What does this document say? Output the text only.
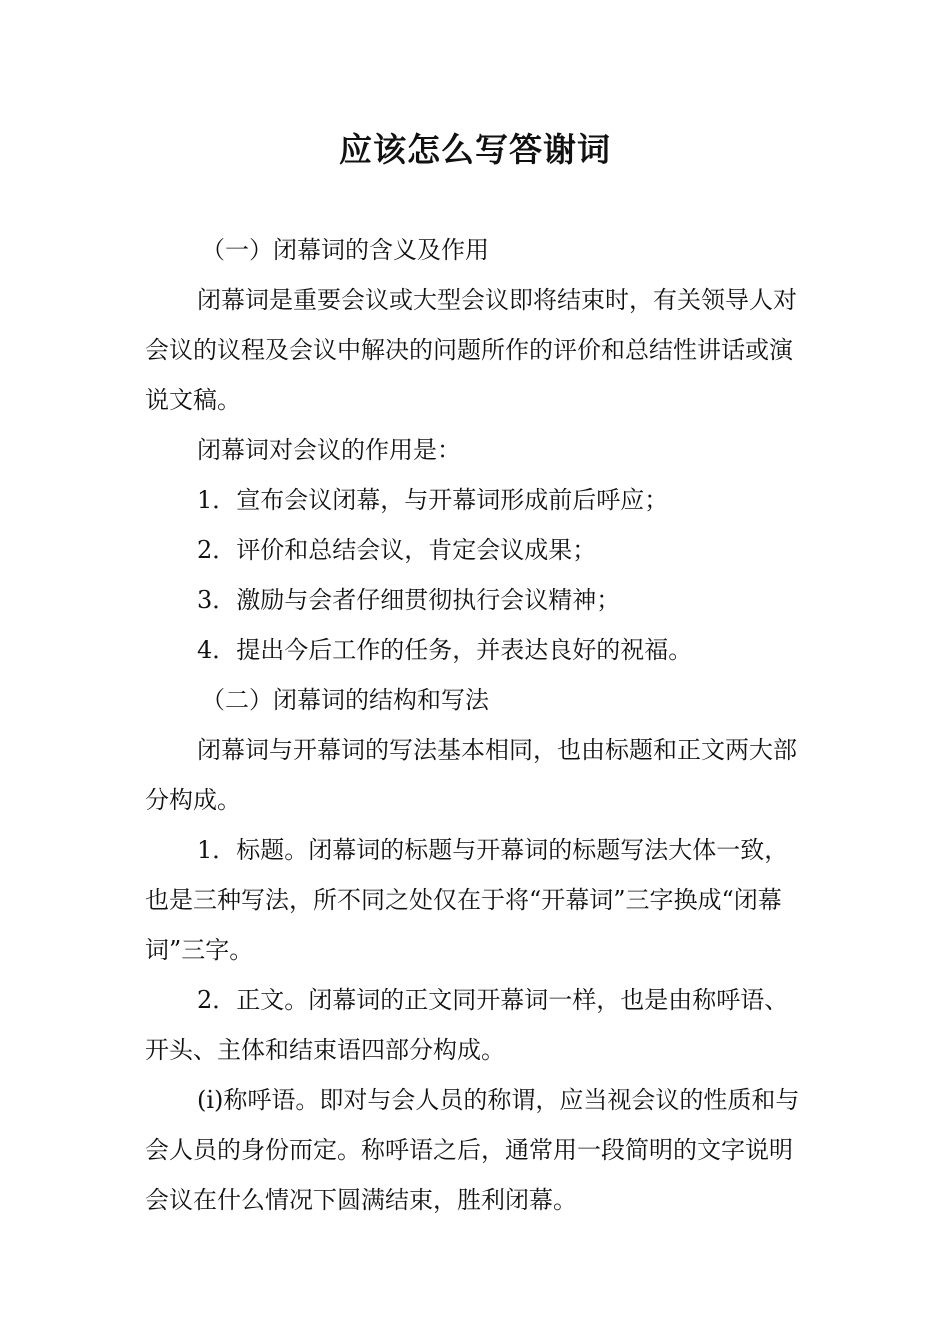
应该怎么写答谢词

（一）闭幕词的含义及作用

闭幕词是重要会议或大型会议即将结束时，有关领导人对会议的议程及会议中解决的问题所作的评价和总结性讲话或演说文稿。

闭幕词对会议的作用是：

1．宣布会议闭幕，与开幕词形成前后呼应；

2．评价和总结会议，肯定会议成果；

3．激励与会者仔细贯彻执行会议精神；

4．提出今后工作的任务，并表达良好的祝福。

（二）闭幕词的结构和写法

闭幕词与开幕词的写法基本相同，也由标题和正文两大部分构成。

1．标题。闭幕词的标题与开幕词的标题写法大体一致，也是三种写法，所不同之处仅在于将“开幕词”三字换成“闭幕词”三字。

2．正文。闭幕词的正文同开幕词一样，也是由称呼语、开头、主体和结束语四部分构成。

(i)称呼语。即对与会人员的称谓，应当视会议的性质和与会人员的身份而定。称呼语之后，通常用一段简明的文字说明会议在什么情况下圆满结束，胜利闭幕。
